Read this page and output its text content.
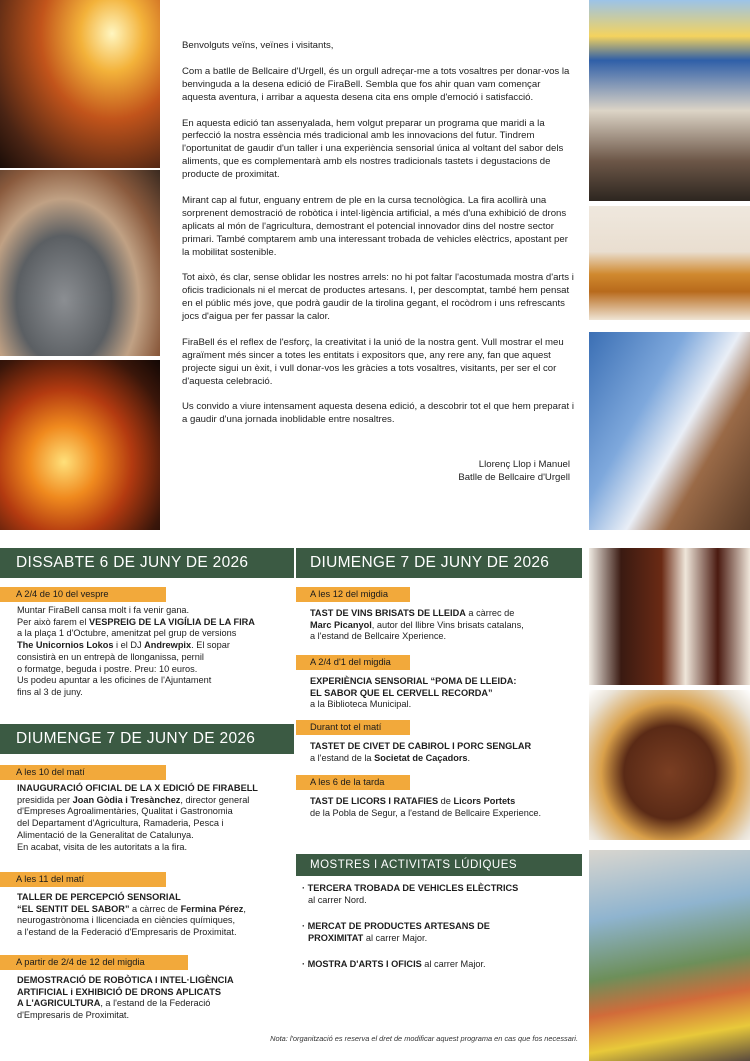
Benvolguts veïns, veïnes i visitants,

Com a batlle de Bellcaire d'Urgell, és un orgull adreçar-me a tots vosaltres per donar-vos la benvinguda a la desena edició de FiraBell. Sembla que fos ahir quan vam començar aquesta aventura, i arribar a aquesta desena cita ens omple d'emoció i satisfacció.

En aquesta edició tan assenyalada, hem volgut preparar un programa que maridi a la perfecció la nostra essència més tradicional amb les innovacions del futur. Tindrem l'oportunitat de gaudir d'un taller i una experiència sensorial única al voltant del sabor dels aliments, que es complementarà amb els nostres tradicionals tastets i degustacions de producte de proximitat.

Mirant cap al futur, enguany entrem de ple en la cursa tecnològica. La fira acollirà una sorprenent demostració de robòtica i intel·ligència artificial, a més d'una exhibició de drons aplicats al món de l'agricultura, demostrant el potencial innovador dins del nostre sector primari. També comptarem amb una interessant trobada de vehicles elèctrics, apostant per la mobilitat sostenible.

Tot això, és clar, sense oblidar les nostres arrels: no hi pot faltar l'acostumada mostra d'arts i oficis tradicionals ni el mercat de productes artesans. I, per descomptat, també hem pensat en el públic més jove, que podrà gaudir de la tirolina gegant, el rocòdrom i uns refrescants jocs d'aigua per fer passar la calor.

FiraBell és el reflex de l'esforç, la creativitat i la unió de la nostra gent. Vull mostrar el meu agraïment més sincer a totes les entitats i expositors que, any rere any, fan que aquest projecte sigui un èxit, i vull donar-vos les gràcies a tots vosaltres, visitants, per ser el cor d'aquesta celebració.

Us convido a viure intensament aquesta desena edició, a descobrir tot el que hem preparat i a gaudir d'una jornada inoblidable entre nosaltres.

Llorenç Llop i Manuel
Batlle de Bellcaire d'Urgell
DISSABTE 6 DE JUNY DE 2026
A 2/4 de 10 del vespre
Muntar FiraBell cansa molt i fa venir gana.
Per això farem el VESPREIG DE LA VIGÍLIA DE LA FIRA
a la plaça 1 d'Octubre, amenitzat pel grup de versions
The Unicornios Lokos i el DJ Andrewpix. El sopar
consistirà en un entrepà de llonganissa, pernil
o formatge, beguda i postre. Preu: 10 euros.
Us podeu apuntar a les oficines de l'Ajuntament
fins al 3 de juny.
DIUMENGE 7 DE JUNY DE 2026
A les 10 del matí
INAUGURACIÓ OFICIAL DE LA X EDICIÓ DE FIRABELL
presidida per Joan Gòdia i Tresànchez, director general
d'Empreses Agroalimentàries, Qualitat i Gastronomia
del Departament d'Agricultura, Ramaderia, Pesca i
Alimentació de la Generalitat de Catalunya.
En acabat, visita de les autoritats a la fira.
A les 11 del matí
TALLER DE PERCEPCIÓ SENSORIAL
“EL SENTIT DEL SABOR” a càrrec de Fermina Pérez,
neurogastrònoma i llicenciada en ciències químiques,
a l'estand de la Federació d'Empresaris de Proximitat.
A partir de 2/4 de 12 del migdia
DEMOSTRACIÓ DE ROBÒTICA I INTEL·LIGÈNCIA
ARTIFICIAL i EXHIBICIÓ DE DRONS APLICATS
A L'AGRICULTURA, a l'estand de la Federació
d'Empresaris de Proximitat.
DIUMENGE 7 DE JUNY DE 2026
A les 12 del migdia
TAST DE VINS BRISATS DE LLEIDA a càrrec de
Marc Picanyol, autor del llibre Vins brisats catalans,
a l'estand de Bellcaire Xperience.
A 2/4 d'1 del migdia
EXPERIÈNCIA SENSORIAL “POMA DE LLEIDA:
EL SABOR QUE EL CERVELL RECORDA”
a la Biblioteca Municipal.
Durant tot el matí
TASTET DE CIVET DE CABIROL I PORC SENGLAR
a l'estand de la Societat de Caçadors.
A les 6 de la tarda
TAST DE LICORS I RATAFIES de Licors Portets
de la Pobla de Segur, a l'estand de Bellcaire Experience.
MOSTRES I ACTIVITATS LÚDIQUES
· TERCERA TROBADA DE VEHICLES ELÈCTRICS
al carrer Nord.
· MERCAT DE PRODUCTES ARTESANS DE
PROXIMITAT al carrer Major.
· MOSTRA D'ARTS I OFICIS al carrer Major.
Nota: l'organització es reserva el dret de modificar aquest programa en cas que fos necessari.
